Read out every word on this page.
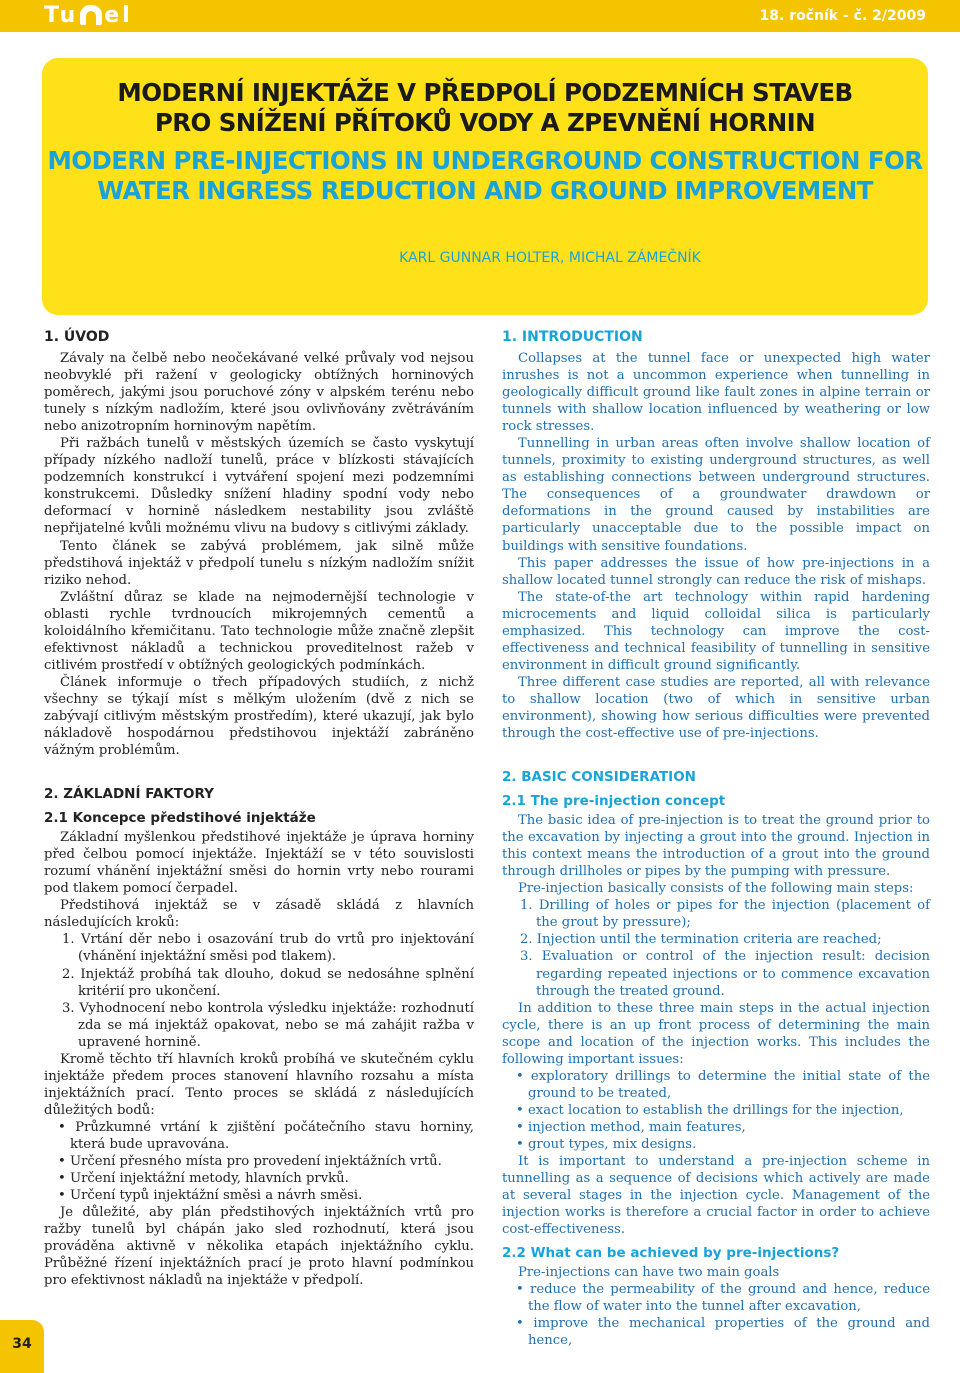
Tu el	18. ročník - č. 2/2009
MODERNÍ INJEKTÁŽE V PŘEDPOLÍ PODZEMNÍCH STAVEB
PRO SNÍŽENÍ PŘÍTOKŮ VODY A ZPEVNĚNÍ HORNIN
MODERN PRE-INJECTIONS IN UNDERGROUND CONSTRUCTION FOR
WATER INGRESS REDUCTION AND GROUND IMPROVEMENT
KARL GUNNAR HOLTER, MICHAL ZÁMEČNÍK
1. ÚVOD

Závaly na čelbě nebo neočekávané velké průvaly vod nejsou neobvyklé při ražení v geologicky obtížných horninových poměrech, jakými jsou poruchové zóny v alpském terénu nebo tunely s nízkým nadložím, které jsou ovlivňovány zvětráváním nebo anizotropním horninovým napětím.

Při ražbách tunelů v městských územích se často vyskytují případy nízkého nadloží tunelů, práce v blízkosti stávajících podzemních konstrukcí i vytváření spojení mezi podzemními konstrukcemi. Důsledky snížení hladiny spodní vody nebo deformací v hornině následkem nestability jsou zvláště nepřijatelné kvůli možnému vlivu na budovy s citlivými základy.

Tento článek se zabývá problémem, jak silně může předstihová injektáž v předpolí tunelu s nízkým nadložím snížit riziko nehod.

Zvláštní důraz se klade na nejmodernější technologie v oblasti rychle tvrdnoucích mikrojemných cementů a koloidálního křemičitanu. Tato technologie může značně zlepšit efektivnost nákladů a technickou proveditelnost ražeb v citlivém prostředí v obtížných geologických podmínkách.

Článek informuje o třech případových studiích, z nichž všechny se týkají míst s mělkým uložením (dvě z nich se zabývají citlivým městským prostředím), které ukazují, jak bylo nákladově hospodárnou předstihovou injektáží zabráněno vážným problémům.

2. ZÁKLADNÍ FAKTORY
2.1 Koncepce předstihové injektáže

Základní myšlenkou předstihové injektáže je úprava horniny před čelbou pomocí injektáže. Injektáží se v této souvislosti rozumí vhánění injektážní směsi do hornin vrty nebo rourami pod tlakem pomocí čerpadel.

Předstihová injektáž se v zásadě skládá z hlavních následujících kroků:

1. Vrtání děr nebo i osazování trub do vrtů pro injektování (vhánění injektážní směsi pod tlakem).
2. Injektáž probíhá tak dlouho, dokud se nedosáhne splnění kritérií pro ukončení.
3. Vyhodnocení nebo kontrola výsledku injektáže: rozhodnutí zda se má injektáž opakovat, nebo se má zahájit ražba v upravené hornině.

Kromě těchto tří hlavních kroků probíhá ve skutečném cyklu injektáže předem proces stanovení hlavního rozsahu a místa injektážních prací. Tento proces se skládá z následujících důležitých bodů:

• Průzkumné vrtání k zjištění počátečního stavu horniny, která bude upravována.
• Určení přesného místa pro provedení injektážních vrtů.
• Určení injektážní metody, hlavních prvků.
• Určení typů injektážní směsi a návrh směsi.

Je důležité, aby plán předstihových injektážních vrtů pro ražby tunelů byl chápán jako sled rozhodnutí, která jsou prováděna aktivně v několika etapách injektážního cyklu. Průběžné řízení injektážních prací je proto hlavní podmínkou pro efektivnost nákladů na injektáže v předpolí.

1. INTRODUCTION

Collapses at the tunnel face or unexpected high water inrushes is not a uncommon experience when tunnelling in geologically difficult ground like fault zones in alpine terrain or tunnels with shallow location influenced by weathering or low rock stresses.

Tunnelling in urban areas often involve shallow location of tunnels, proximity to existing underground structures, as well as establishing connections between underground structures. The consequences of a groundwater drawdown or deformations in the ground caused by instabilities are particularly unacceptable due to the possible impact on buildings with sensitive foundations.

This paper addresses the issue of how pre-injections in a shallow located tunnel strongly can reduce the risk of mishaps.

The state-of-the art technology within rapid hardening microcements and liquid colloidal silica is particularly emphasized. This technology can improve the cost-effectiveness and technical feasibility of tunnelling in sensitive environment in difficult ground significantly.

Three different case studies are reported, all with relevance to shallow location (two of which in sensitive urban environment), showing how serious difficulties were prevented through the cost-effective use of pre-injections.

2. BASIC CONSIDERATION
2.1 The pre-injection concept

The basic idea of pre-injection is to treat the ground prior to the excavation by injecting a grout into the ground. Injection in this context means the introduction of a grout into the ground through drillholes or pipes by the pumping with pressure.

Pre-injection basically consists of the following main steps:

1. Drilling of holes or pipes for the injection (placement of the grout by pressure);
2. Injection until the termination criteria are reached;
3. Evaluation or control of the injection result: decision regarding repeated injections or to commence excavation through the treated ground.

In addition to these three main steps in the actual injection cycle, there is an up front process of determining the main scope and location of the injection works. This includes the following important issues:

• exploratory drillings to determine the initial state of the ground to be treated,
• exact location to establish the drillings for the injection,
• injection method, main features,
• grout types, mix designs.

It is important to understand a pre-injection scheme in tunnelling as a sequence of decisions which actively are made at several stages in the injection cycle. Management of the injection works is therefore a crucial factor in order to achieve cost-effectiveness.

2.2 What can be achieved by pre-injections?

Pre-injections can have two main goals

• reduce the permeability of the ground and hence, reduce the flow of water into the tunnel after excavation,
• improve the mechanical properties of the ground and hence,
34
